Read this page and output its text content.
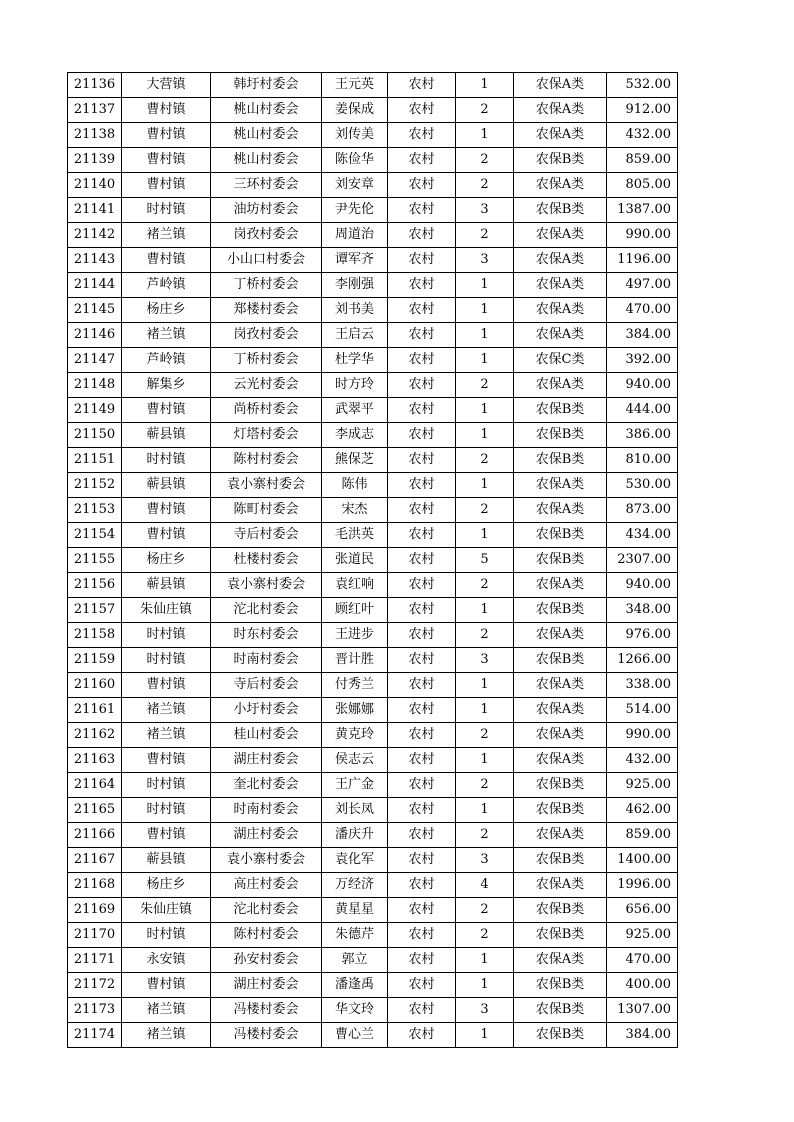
21136	大营镇	韩圩村委会	王元英	农村	1	农保A类	532.00
21137	曹村镇	桃山村委会	姜保成	农村	2	农保A类	912.00
21138	曹村镇	桃山村委会	刘传美	农村	1	农保A类	432.00
21139	曹村镇	桃山村委会	陈俭华	农村	2	农保B类	859.00
21140	曹村镇	三环村委会	刘安章	农村	2	农保A类	805.00
21141	时村镇	油坊村委会	尹先伦	农村	3	农保B类	1387.00
21142	褚兰镇	岗孜村委会	周道治	农村	2	农保A类	990.00
21143	曹村镇	小山口村委会	谭军齐	农村	3	农保A类	1196.00
21144	芦岭镇	丁桥村委会	李刚强	农村	1	农保A类	497.00
21145	杨庄乡	郑楼村委会	刘书美	农村	1	农保A类	470.00
21146	褚兰镇	岗孜村委会	王启云	农村	1	农保A类	384.00
21147	芦岭镇	丁桥村委会	杜学华	农村	1	农保C类	392.00
21148	解集乡	云光村委会	时方玲	农村	2	农保A类	940.00
21149	曹村镇	尚桥村委会	武翠平	农村	1	农保B类	444.00
21150	蕲县镇	灯塔村委会	李成志	农村	1	农保B类	386.00
21151	时村镇	陈村村委会	熊保芝	农村	2	农保B类	810.00
21152	蕲县镇	袁小寨村委会	陈伟	农村	1	农保A类	530.00
21153	曹村镇	陈町村委会	宋杰	农村	2	农保A类	873.00
21154	曹村镇	寺后村委会	毛洪英	农村	1	农保B类	434.00
21155	杨庄乡	杜楼村委会	张道民	农村	5	农保B类	2307.00
21156	蕲县镇	袁小寨村委会	袁红响	农村	2	农保A类	940.00
21157	朱仙庄镇	沱北村委会	顾红叶	农村	1	农保B类	348.00
21158	时村镇	时东村委会	王进步	农村	2	农保A类	976.00
21159	时村镇	时南村委会	晋计胜	农村	3	农保B类	1266.00
21160	曹村镇	寺后村委会	付秀兰	农村	1	农保A类	338.00
21161	褚兰镇	小圩村委会	张娜娜	农村	1	农保A类	514.00
21162	褚兰镇	桂山村委会	黄克玲	农村	2	农保A类	990.00
21163	曹村镇	湖庄村委会	侯志云	农村	1	农保A类	432.00
21164	时村镇	奎北村委会	王广金	农村	2	农保B类	925.00
21165	时村镇	时南村委会	刘长凤	农村	1	农保B类	462.00
21166	曹村镇	湖庄村委会	潘庆升	农村	2	农保A类	859.00
21167	蕲县镇	袁小寨村委会	袁化军	农村	3	农保B类	1400.00
21168	杨庄乡	高庄村委会	万经济	农村	4	农保A类	1996.00
21169	朱仙庄镇	沱北村委会	黄星星	农村	2	农保B类	656.00
21170	时村镇	陈村村委会	朱德芹	农村	2	农保B类	925.00
21171	永安镇	孙安村委会	郭立	农村	1	农保A类	470.00
21172	曹村镇	湖庄村委会	潘逢禹	农村	1	农保B类	400.00
21173	褚兰镇	冯楼村委会	华文玲	农村	3	农保B类	1307.00
21174	褚兰镇	冯楼村委会	曹心兰	农村	1	农保B类	384.00
